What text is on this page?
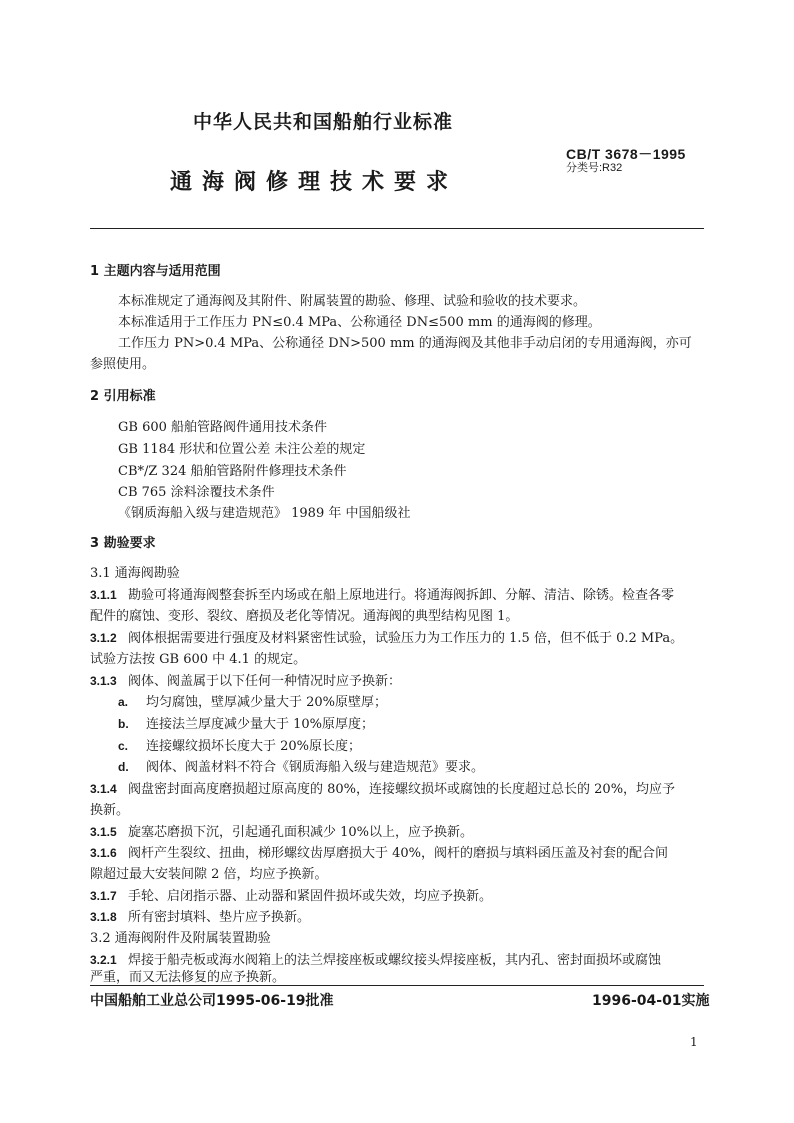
中华人民共和国船舶行业标准
CB/T 3678－1995
分类号:R32
通海阀修理技术要求
1 主题内容与适用范围
本标准规定了通海阀及其附件、附属装置的勘验、修理、试验和验收的技术要求。
本标准适用于工作压力 PN≤0.4 MPa、公称通径 DN≤500 mm 的通海阀的修理。
工作压力 PN>0.4 MPa、公称通径 DN>500 mm 的通海阀及其他非手动启闭的专用通海阀，亦可
参照使用。
2 引用标准
GB 600 船舶管路阀件通用技术条件
GB 1184 形状和位置公差 未注公差的规定
CB*/Z 324 船舶管路附件修理技术条件
CB 765 涂料涂覆技术条件
《钢质海船入级与建造规范》 1989 年 中国船级社
3 勘验要求
3.1 通海阀勘验
3.1.1 勘验可将通海阀整套拆至内场或在船上原地进行。将通海阀拆卸、分解、清洁、除锈。检查各零
配件的腐蚀、变形、裂纹、磨损及老化等情况。通海阀的典型结构见图 1。
3.1.2 阀体根据需要进行强度及材料紧密性试验，试验压力为工作压力的 1.5 倍，但不低于 0.2 MPa。
试验方法按 GB 600 中 4.1 的规定。
3.1.3 阀体、阀盖属于以下任何一种情况时应予换新：
a. 均匀腐蚀，壁厚减少量大于 20%原壁厚；
b. 连接法兰厚度减少量大于 10%原厚度；
c. 连接螺纹损坏长度大于 20%原长度；
d. 阀体、阀盖材料不符合《钢质海船入级与建造规范》要求。
3.1.4 阀盘密封面高度磨损超过原高度的 80%，连接螺纹损坏或腐蚀的长度超过总长的 20%，均应予
换新。
3.1.5 旋塞芯磨损下沉，引起通孔面积减少 10%以上，应予换新。
3.1.6 阀杆产生裂纹、扭曲，梯形螺纹齿厚磨损大于 40%，阀杆的磨损与填料函压盖及衬套的配合间
隙超过最大安装间隙 2 倍，均应予换新。
3.1.7 手轮、启闭指示器、止动器和紧固件损坏或失效，均应予换新。
3.1.8 所有密封填料、垫片应予换新。
3.2 通海阀附件及附属装置勘验
3.2.1 焊接于船壳板或海水阀箱上的法兰焊接座板或螺纹接头焊接座板，其内孔、密封面损坏或腐蚀
严重，而又无法修复的应予换新。
中国船舶工业总公司1995-06-19批准	1996-04-01实施
1
